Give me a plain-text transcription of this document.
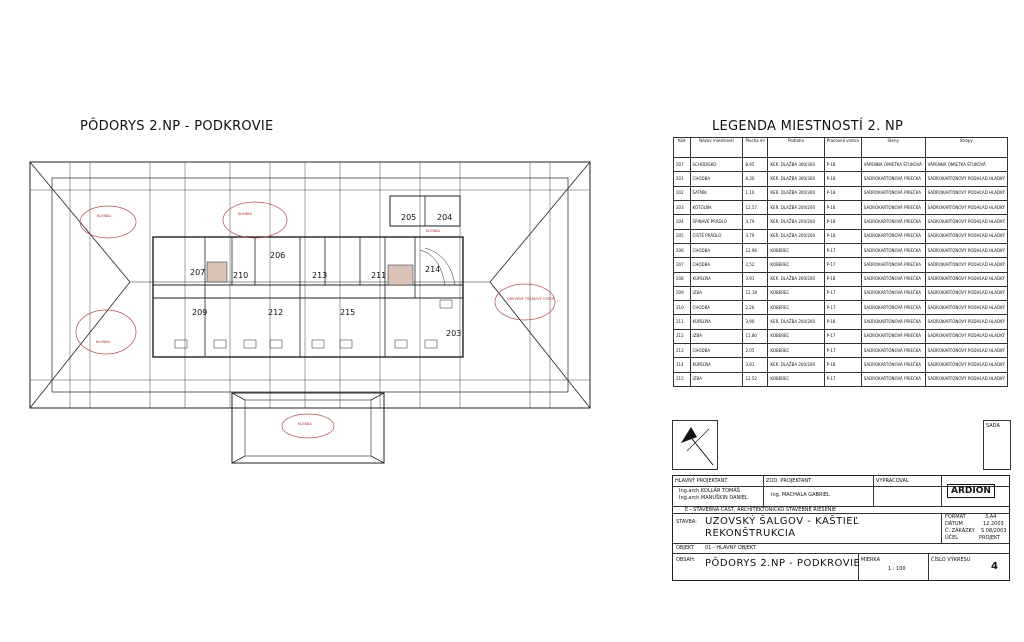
PÔDORYS 2.NP - PODKROVIE	LEGENDA MIESTNOSTÍ 2. NP
205	204
207	210
206
213	211
212
209	215
214
203
KLENBA	KLENBA
KLENBA
KLENBA
KLENBA
DREVENÝ TRÁMOVÝ STROP
Kód	Názov miestnosti	Plocha m²	Podlaha	Pracovná vrstva	Steny	Stropy
207	SCHODISKO	8,95	KER. DLAŽBA 300/300	P-18	VÁPENNÁ OMIETKA ŠTUKOVÁ	VÁPENNÁ OMIETKA ŠTUKOVÁ
201	CHODBA	8,30	KER. DLAŽBA 300/300	P-18	SADROKARTÓNOVÁ PRIEČKA	SADROKARTÓNOVÝ PODHĽAD HLADKÝ
202	ŠATNÍK	1,10	KER. DLAŽBA 300/300	P-18	SADROKARTÓNOVÁ PRIEČKA	SADROKARTÓNOVÝ PODHĽAD HLADKÝ
203	KOTOLŇA	12,57	KER. DLAŽBA 200/200	P-18	SADROKARTÓNOVÁ PRIEČKA	SADROKARTÓNOVÝ PODHĽAD HLADKÝ
204	ŠPINAVÉ PRÁDLO	4,79	KER. DLAŽBA 200/200	P-18	SADROKARTÓNOVÁ PRIEČKA	SADROKARTÓNOVÝ PODHĽAD HLADKÝ
205	ČISTÉ PRÁDLO	4,79	KER. DLAŽBA 200/200	P-18	SADROKARTÓNOVÁ PRIEČKA	SADROKARTÓNOVÝ PODHĽAD HLADKÝ
206	CHODBA	12,96	KOBEREC	P-17	SADROKARTÓNOVÁ PRIEČKA	SADROKARTÓNOVÝ PODHĽAD HLADKÝ
207	CHODBA	2,52	KOBEREC	P-17	SADROKARTÓNOVÁ PRIEČKA	SADROKARTÓNOVÝ PODHĽAD HLADKÝ
208	KÚPEĽŇA	3,91	KER. DLAŽBA 200/200	P-18	SADROKARTÓNOVÁ PRIEČKA	SADROKARTÓNOVÝ PODHĽAD HLADKÝ
209	IZBA	12,18	KOBEREC	P-17	SADROKARTÓNOVÁ PRIEČKA	SADROKARTÓNOVÝ PODHĽAD HLADKÝ
210	CHODBA	2,26	KOBEREC	P-17	SADROKARTÓNOVÁ PRIEČKA	SADROKARTÓNOVÝ PODHĽAD HLADKÝ
211	KÚPEĽŇA	3,90	KER. DLAŽBA 200/200	P-18	SADROKARTÓNOVÁ PRIEČKA	SADROKARTÓNOVÝ PODHĽAD HLADKÝ
212	IZBA	11,80	KOBEREC	P-17	SADROKARTÓNOVÁ PRIEČKA	SADROKARTÓNOVÝ PODHĽAD HLADKÝ
213	CHODBA	2,05	KOBEREC	P-17	SADROKARTÓNOVÁ PRIEČKA	SADROKARTÓNOVÝ PODHĽAD HLADKÝ
214	KÚPEĽŇA	3,81	KER. DLAŽBA 200/200	P-18	SADROKARTÓNOVÁ PRIEČKA	SADROKARTÓNOVÝ PODHĽAD HLADKÝ
215	IZBA	12,52	KOBEREC	P-17	SADROKARTÓNOVÁ PRIEČKA	SADROKARTÓNOVÝ PODHĽAD HLADKÝ
SADA
HLAVNÝ PROJEKTANT
Ing.arch.KOLLÁR TOMÁŠ
Ing.arch.MANUŠKIN DANIEL
ZOD. PROJEKTANT
Ing. MACHALA GABRIEL
VYPRACOVAL
ARDION
E - STAVEBNÁ ČASŤ, ARCHITEKTONICKO STAVEBNÉ RIEŠENIE
STAVBA: UZOVSKÝ ŠALGOV - KAŠTIEĽ
REKONŠTRUKCIA
FORMÁT	3,A4
DÁTUM	12.2003
Č. ZÁKÁZKY S 08/2003
ÚČEL	PROJEKT
OBJEKT 01 - HLAVNÝ OBJEKT
OBSAH: PÔDORYS 2.NP - PODKROVIE MIERKA
1 : 100
ČÍSLO VÝKRESU
4
